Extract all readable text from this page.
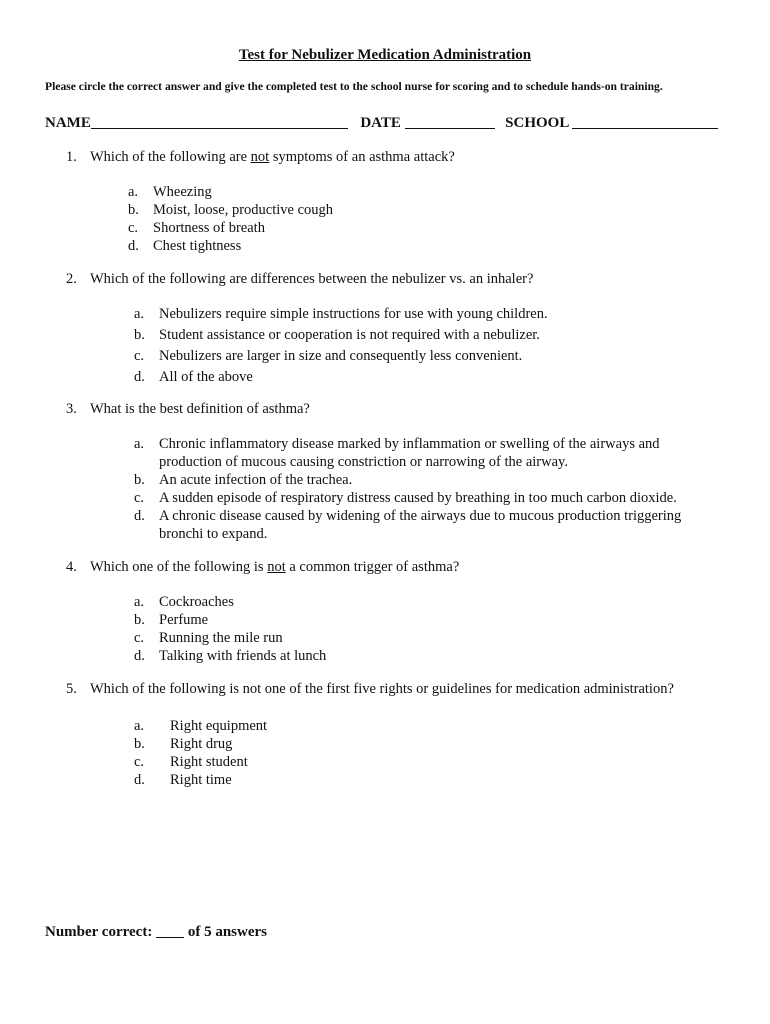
Test for Nebulizer Medication Administration
Please circle the correct answer and give the completed test to the school nurse for scoring and to schedule hands-on training.
NAME	DATE	SCHOOL
1. Which of the following are not symptoms of an asthma attack?
a.	Wheezing
b. Moist, loose, productive cough
c.	Shortness of breath
d. Chest tightness
2. Which of the following are differences between the nebulizer vs. an inhaler?
a.	Nebulizers require simple instructions for use with young children.
b. Student assistance or cooperation is not required with a nebulizer.
c.	Nebulizers are larger in size and consequently less convenient.
d. All of the above
3. What is the best definition of asthma?
a.	Chronic inflammatory disease marked by inflammation or swelling of the airways and production of mucous causing constriction or narrowing of the airway.
b. An acute infection of the trachea.
c.	A sudden episode of respiratory distress caused by breathing in too much carbon dioxide.
d. A chronic disease caused by widening of the airways due to mucous production triggering bronchi to expand.
4. Which one of the following is not a common trigger of asthma?
a.	Cockroaches
b. Perfume
c.	Running the mile run
d. Talking with friends at lunch
5. Which of the following is not one of the first five rights or guidelines for medication administration?
a.	Right equipment
b.	Right drug
c.	Right student
d.	Right time
Number correct: of 5 answers
